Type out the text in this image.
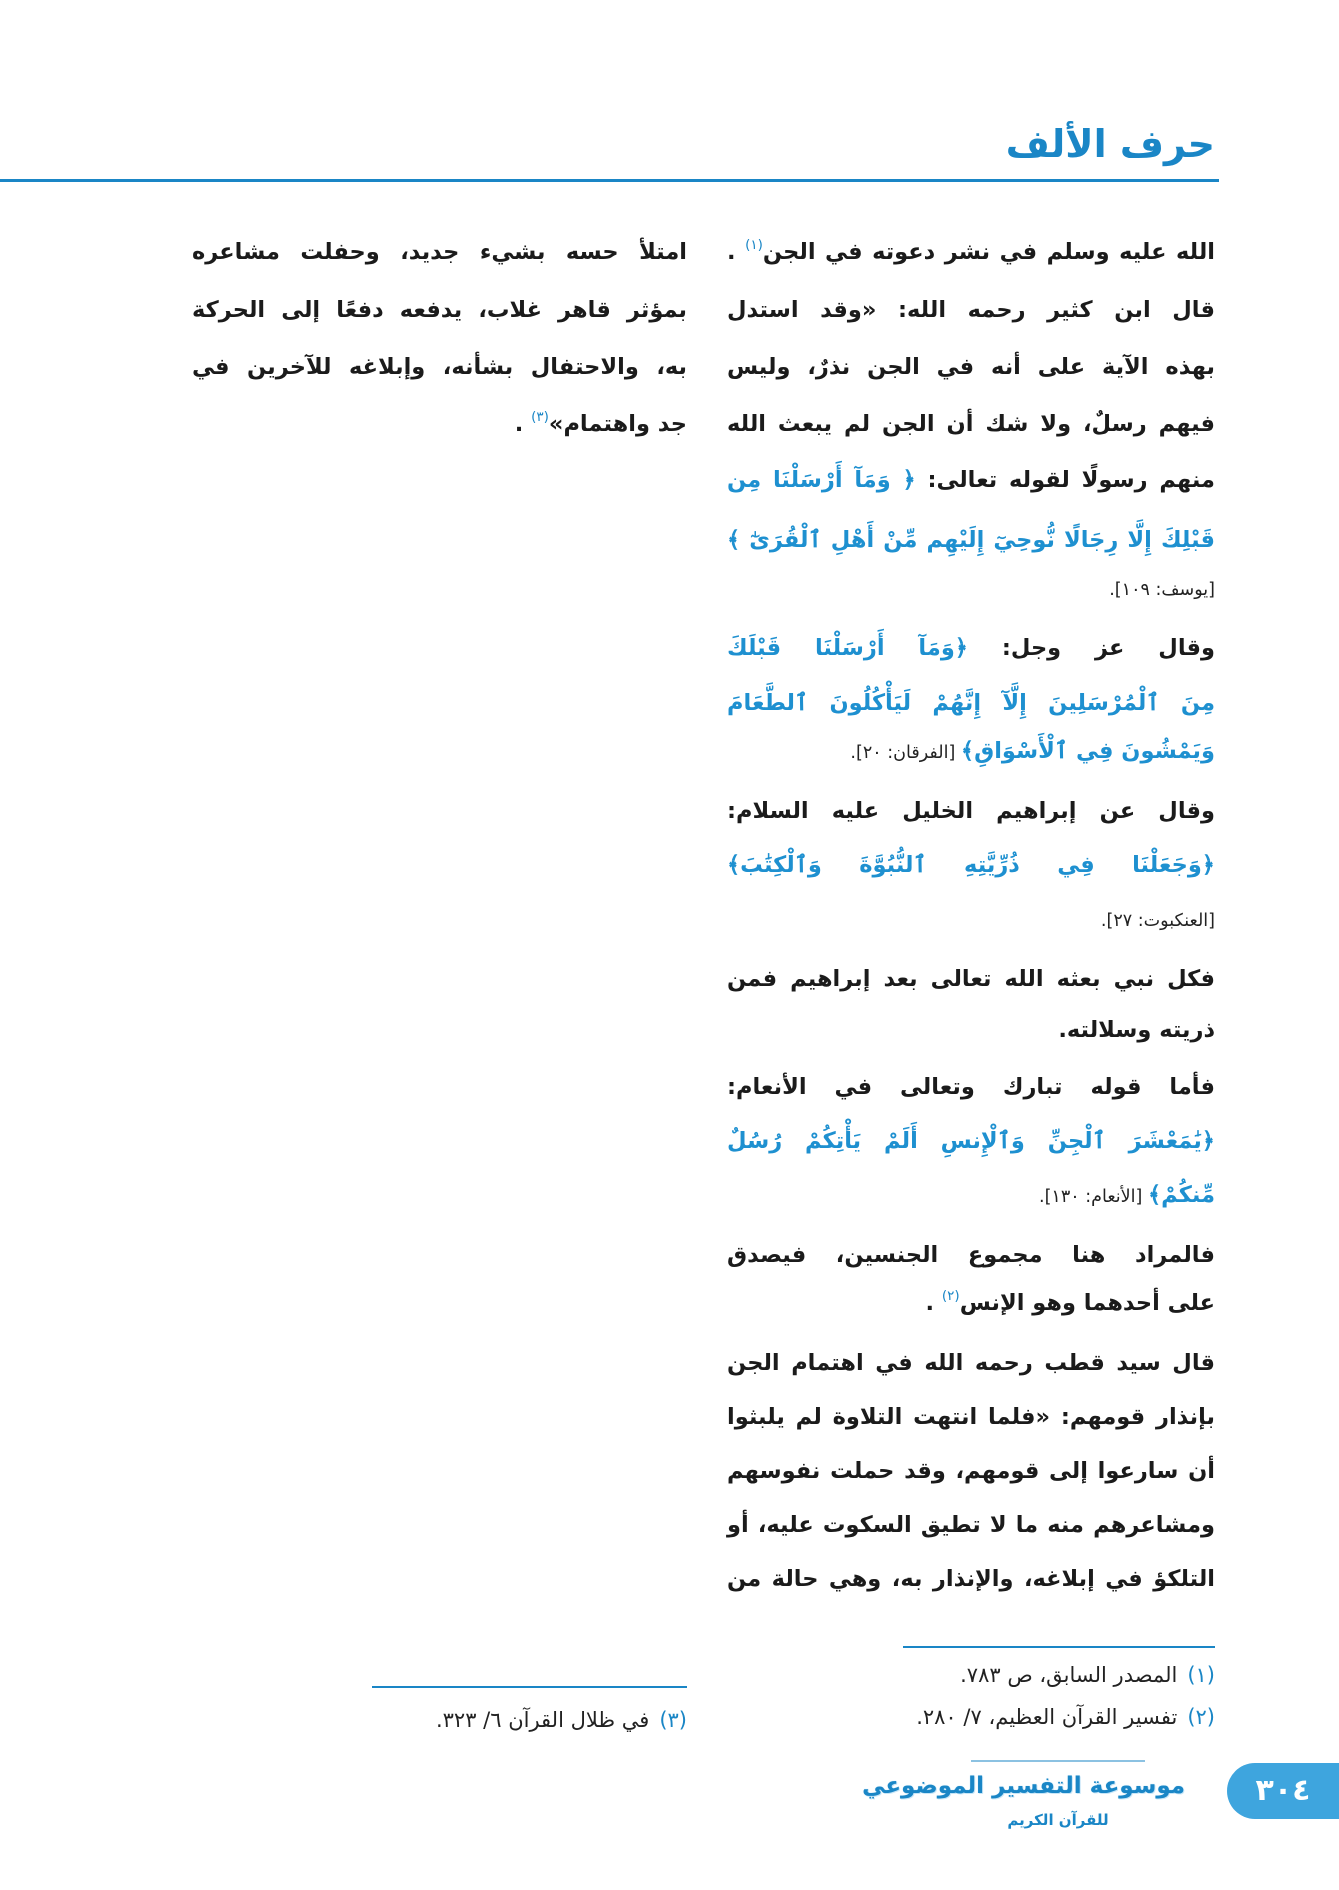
حرف الألف
الله عليه وسلم في نشر دعوته في الجن$^{(١)}$ .
قال ابن كثير رحمه الله: «وقد استدل
بهذه الآية على أنه في الجن نذرٌ، وليس
فيهم رسلٌ، ولا شك أن الجن لم يبعث الله
منهم رسولًا لقوله تعالى: ﴿ وَمَآ أَرْسَلْنَا مِن
قَبْلِكَ إِلَّا رِجَالًا نُّوحِيٓ إِلَيْهِم مِّنْ أَهْلِ ٱلْقُرَىٰٓ ﴾
[يوسف: ١٠٩].
وقال عز وجل: ﴿وَمَآ أَرْسَلْنَا قَبْلَكَ
مِنَ ٱلْمُرْسَلِينَ إِلَّآ إِنَّهُمْ لَيَأْكُلُونَ ٱلطَّعَامَ
وَيَمْشُونَ فِي ٱلْأَسْوَاقِ﴾ [الفرقان: ٢٠].
وقال عن إبراهيم الخليل عليه السلام:
﴿وَجَعَلْنَا فِي ذُرِّيَّتِهِ ٱلنُّبُوَّةَ وَٱلْكِتَٰبَ﴾
[العنكبوت: ٢٧].
فكل نبي بعثه الله تعالى بعد إبراهيم فمن
ذريته وسلالته.
فأما قوله تبارك وتعالى في الأنعام:
﴿يَٰمَعْشَرَ ٱلْجِنِّ وَٱلْإِنسِ أَلَمْ يَأْتِكُمْ رُسُلٌ
مِّنكُمْ﴾ [الأنعام: ١٣٠].
فالمراد هنا مجموع الجنسين، فيصدق
على أحدهما وهو الإنس$^{(٢)}$ .
قال سيد قطب رحمه الله في اهتمام الجن
بإنذار قومهم: «فلما انتهت التلاوة لم يلبثوا
أن سارعوا إلى قومهم، وقد حملت نفوسهم
ومشاعرهم منه ما لا تطيق السكوت عليه، أو
التلكؤ في إبلاغه، والإنذار به، وهي حالة من
امتلأ حسه بشيء جديد، وحفلت مشاعره
بمؤثر قاهر غلاب، يدفعه دفعًا إلى الحركة
به، والاحتفال بشأنه، وإبلاغه للآخرين في
جد واهتمام»$^{(٣)}$ .
(١)المصدر السابق، ص ٧٨٣.
(٢)تفسير القرآن العظيم، ٧/ ٢٨٠.
(٣)في ظلال القرآن ٦/ ٣٢٣.
موسوعة التفسير الموضوعي
للقرآن الكريم
٣٠٤
